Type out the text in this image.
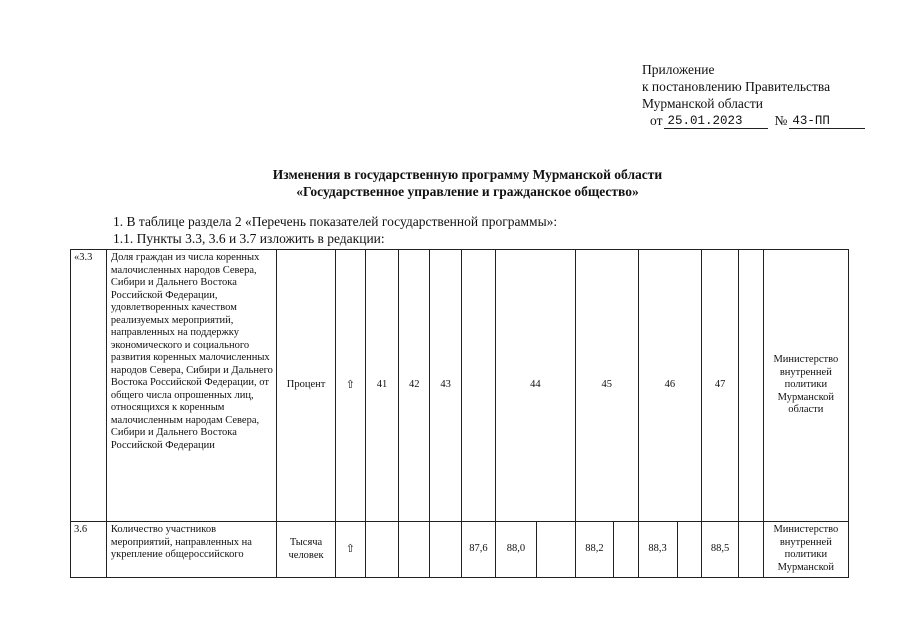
Приложение
к постановлению Правительства
Мурманской области
от 25.01.2023	№ 43-ПП
Изменения в государственную программу Мурманской области
«Государственное управление и гражданское общество»
1. В таблице раздела 2 «Перечень показателей государственной программы»:
1.1. Пункты 3.3, 3.6 и 3.7 изложить в редакции:
«3.3	Доля граждан из числа коренных малочисленных народов Севера, Сибири и Дальнего Востока Российской Федерации, удовлетворенных качеством реализуемых мероприятий, направленных на поддержку экономического и социального развития коренных малочисленных народов Севера, Сибири и Дальнего Востока Российской Федерации, от общего числа опрошенных лиц, относящихся к коренным малочисленным народам Севера, Сибири и Дальнего Востока Российской Федерации	Процент	⇧	41	42	43		44		45		46		47		Министерство внутренней политики Мурманской области
3.6	Количество участников мероприятий, направленных на укрепление общероссийского	Тысяча человек	⇧				87,6	88,0		88,2		88,3		88,5		Министерство внутренней политики Мурманской
